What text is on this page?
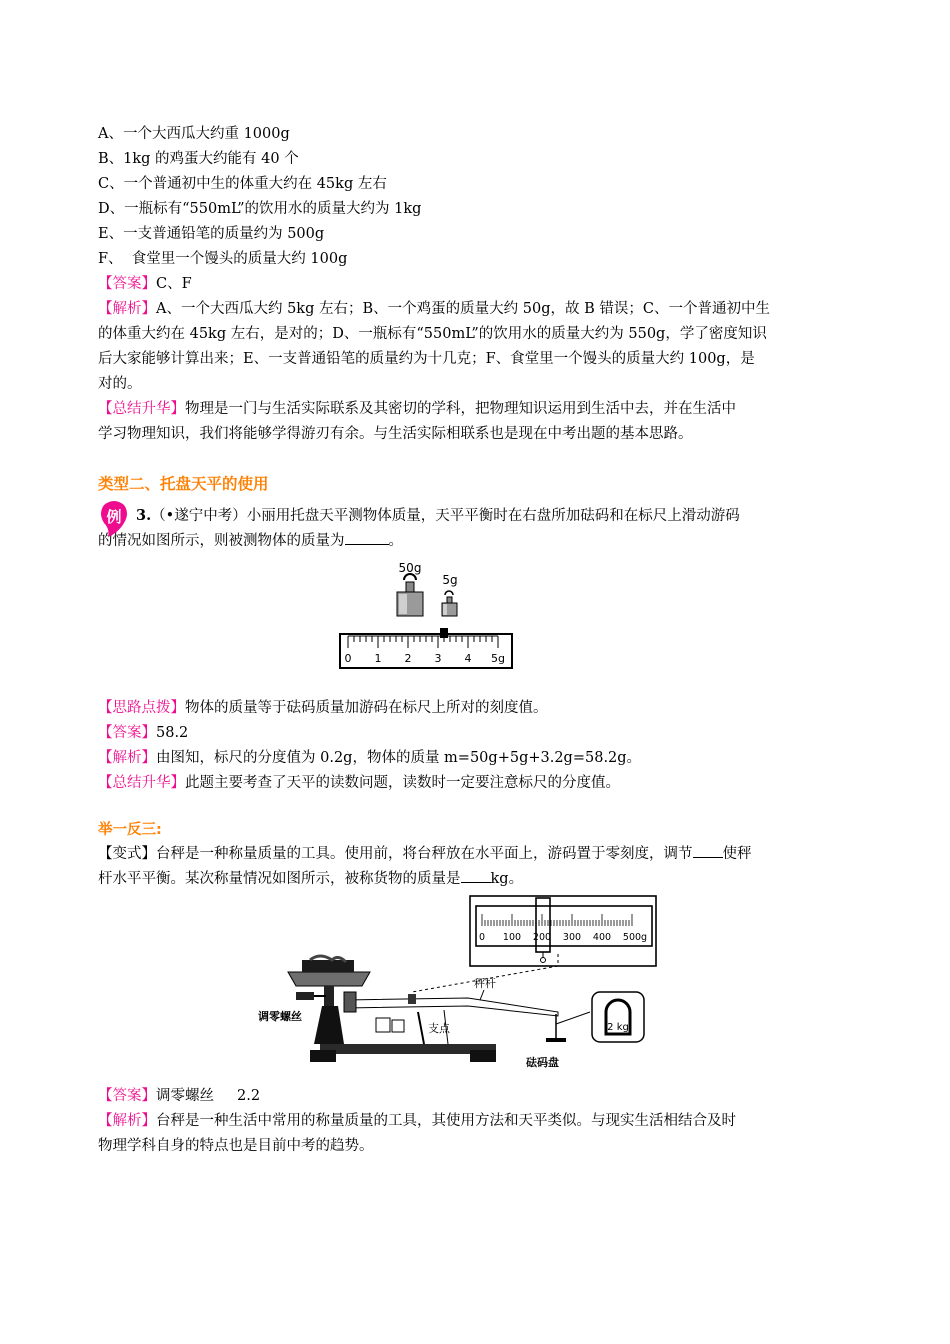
A、一个大西瓜大约重 1000g
B、1kg 的鸡蛋大约能有 40 个
C、一个普通初中生的体重大约在 45kg 左右
D、一瓶标有“550mL”的饮用水的质量大约为 1kg
E、一支普通铅笔的质量约为 500g
F、  食堂里一个馒头的质量大约 100g
【答案】C、F
【解析】A、一个大西瓜大约 5kg 左右；B、一个鸡蛋的质量大约 50g，故 B 错误；C、一个普通初中生
的体重大约在 45kg 左右，是对的；D、一瓶标有“550mL”的饮用水的质量大约为 550g，学了密度知识
后大家能够计算出来；E、一支普通铅笔的质量约为十几克；F、食堂里一个馒头的质量大约 100g，是
对的。
【总结升华】物理是一门与生活实际联系及其密切的学科，把物理知识运用到生活中去，并在生活中
学习物理知识，我们将能够学得游刃有余。与生活实际相联系也是现在中考出题的基本思路。
类型二、托盘天平的使用
例 3.（•遂宁中考）小丽用托盘天平测物体质量，天平平衡时在右盘所加砝码和在标尺上滑动游码
的情况如图所示，则被测物体的质量为	。
50g
5g
0 1 2 3 4 5g
【思路点拨】物体的质量等于砝码质量加游码在标尺上所对的刻度值。
【答案】58.2
【解析】由图知，标尺的分度值为 0.2g，物体的质量 m=50g+5g+3.2g=58.2g。
【总结升华】此题主要考查了天平的读数问题，读数时一定要注意标尺的分度值。
举一反三:
【变式】台秤是一种称量质量的工具。使用前，将台秤放在水平面上，游码置于零刻度，调节 使秤
杆水平平衡。某次称量情况如图所示，被称货物的质量是 kg。
0 100 200 300 400 500 g
秤杆
调零螺丝
支点
砝码盘
2 kg
【答案】调零螺丝     2.2
【解析】台秤是一种生活中常用的称量质量的工具，其使用方法和天平类似。与现实生活相结合及时
物理学科自身的特点也是目前中考的趋势。
